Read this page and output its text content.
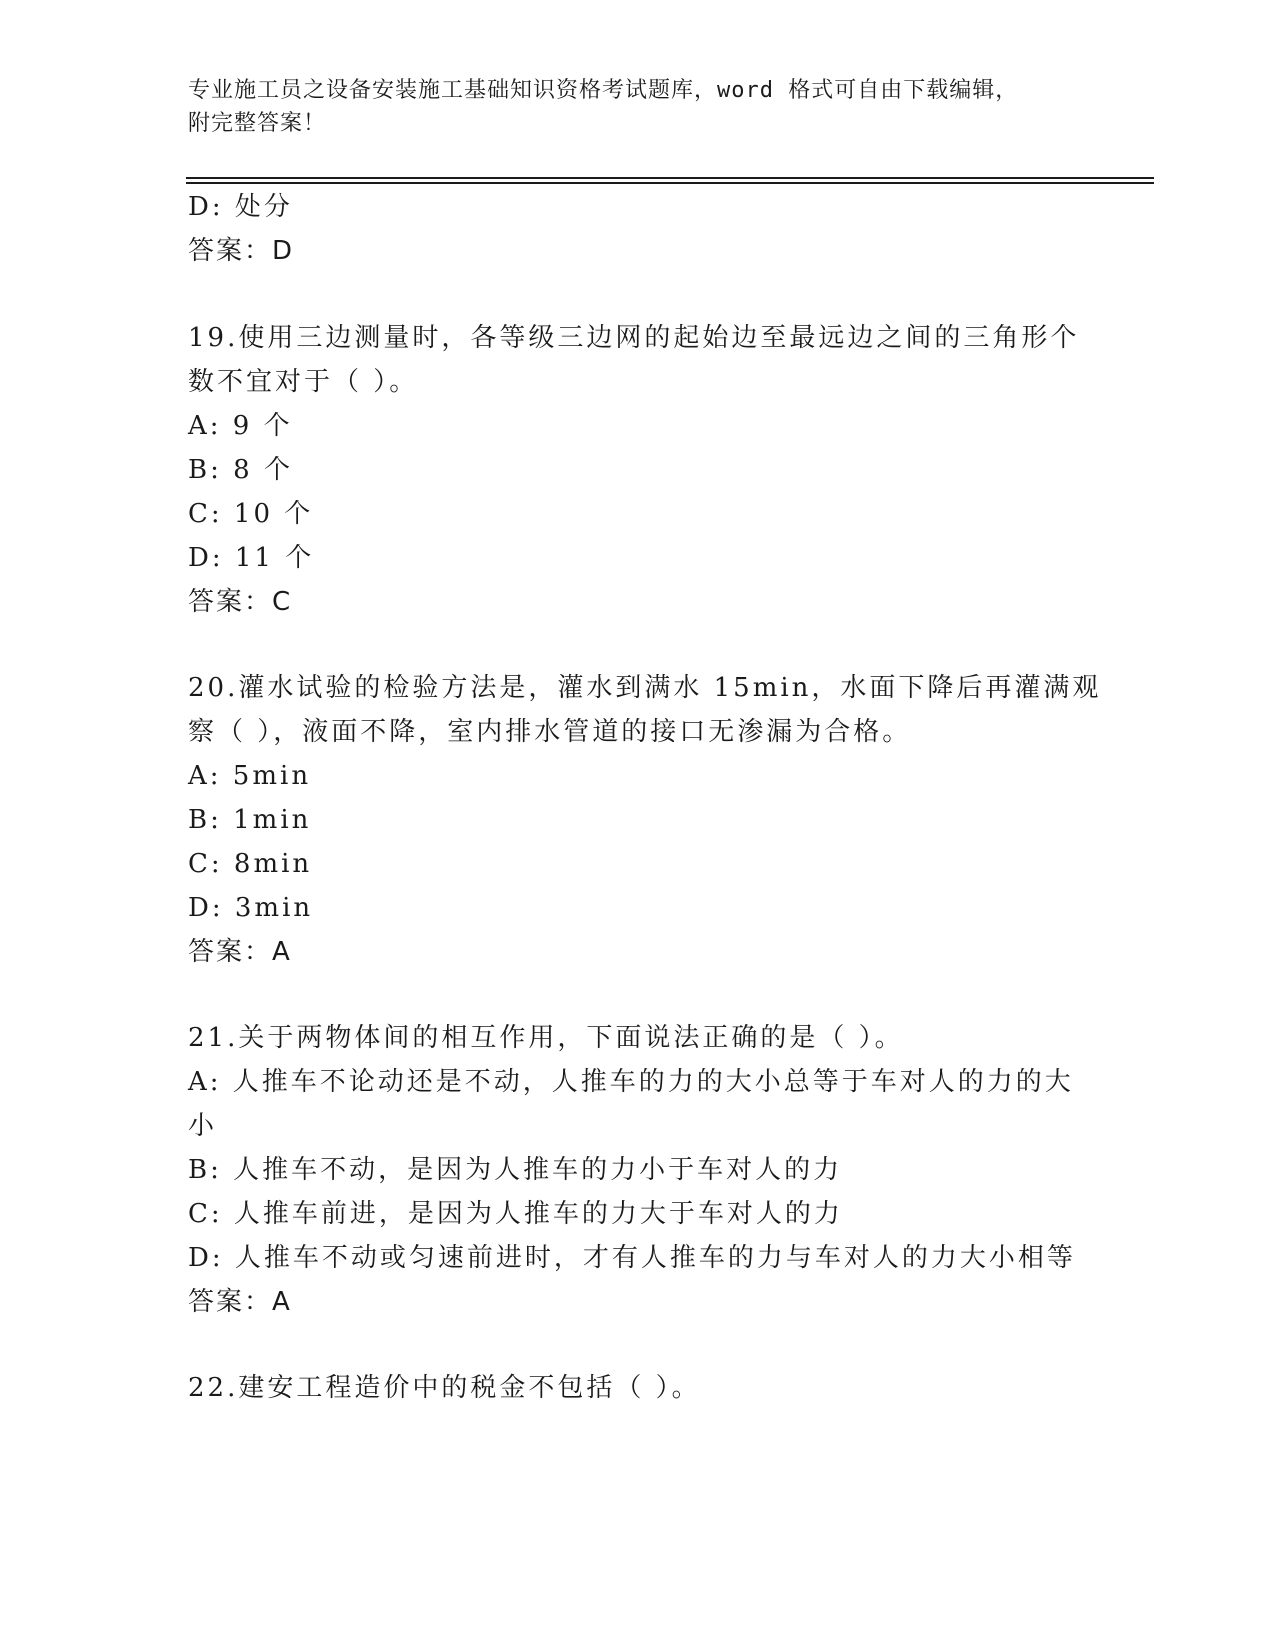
专业施工员之设备安装施工基础知识资格考试题库，word 格式可自由下载编辑，
附完整答案！
D: 处分
答案：D
19.使用三边测量时，各等级三边网的起始边至最远边之间的三角形个
数不宜对于（ ）。
A: 9 个
B: 8 个
C: 10 个
D: 11 个
答案：C
20.灌水试验的检验方法是，灌水到满水 15min，水面下降后再灌满观
察（ ），液面不降，室内排水管道的接口无渗漏为合格。
A: 5min
B: 1min
C: 8min
D: 3min
答案：A
21.关于两物体间的相互作用，下面说法正确的是（ ）。
A: 人推车不论动还是不动，人推车的力的大小总等于车对人的力的大
小
B: 人推车不动，是因为人推车的力小于车对人的力
C: 人推车前进，是因为人推车的力大于车对人的力
D: 人推车不动或匀速前进时，才有人推车的力与车对人的力大小相等
答案：A
22.建安工程造价中的税金不包括（ ）。
